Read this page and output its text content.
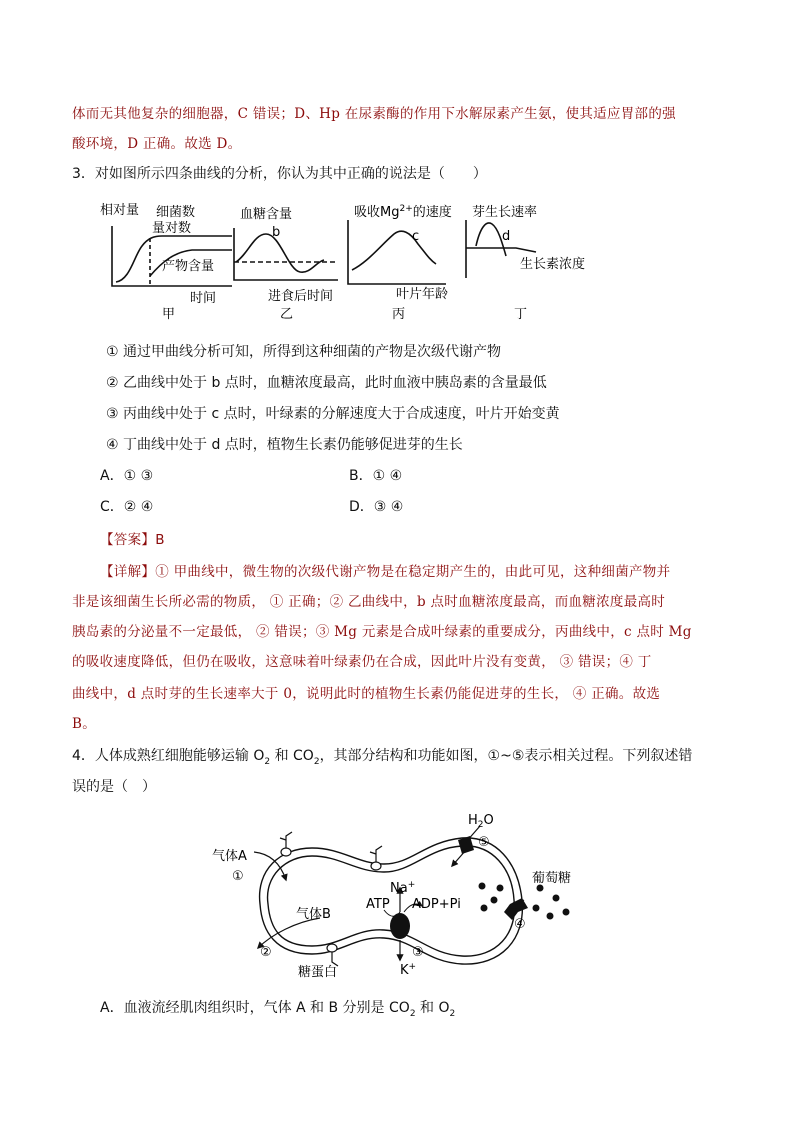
体而无其他复杂的细胞器，C 错误；D、Hp 在尿素酶的作用下水解尿素产生氨，使其适应胃部的强
酸环境，D 正确。故选 D。
3．对如图所示四条曲线的分析，你认为其中正确的说法是（　　）
相对量 细菌数
量对数
产物含量
时间
甲
血糖含量
b
进食后时间
乙
吸收$Mg^{2+}$的速度
c
叶片年龄
丙
芽生长速率
d
生长素浓度
丁
① 通过甲曲线分析可知，所得到这种细菌的产物是次级代谢产物
② 乙曲线中处于 b 点时，血糖浓度最高，此时血液中胰岛素的含量最低
③ 丙曲线中处于 c 点时，叶绿素的分解速度大于合成速度，叶片开始变黄
④ 丁曲线中处于 d 点时，植物生长素仍能够促进芽的生长
A．① ③	B．① ④
C．② ④	D．③ ④
【答案】B
【详解】① 甲曲线中，微生物的次级代谢产物是在稳定期产生的，由此可见，这种细菌产物并
非是该细菌生长所必需的物质， ① 正确；② 乙曲线中，b 点时血糖浓度最高，而血糖浓度最高时
胰岛素的分泌量不一定最低， ② 错误；③ Mg 元素是合成叶绿素的重要成分，丙曲线中，c 点时 Mg
的吸收速度降低，但仍在吸收，这意味着叶绿素仍在合成，因此叶片没有变黄， ③ 错误；④ 丁
曲线中，d 点时芽的生长速率大于 0，说明此时的植物生长素仍能促进芽的生长， ④ 正确。故选
B。
4．人体成熟红细胞能够运输 $O_2$ 和 $CO_2$，其部分结构和功能如图，①~⑤表示相关过程。下列叙述错
误的是（　）
气体A
①
气体B
②
糖蛋白
$H_2O$
⑤
葡萄糖
④
Na+
ATP ADP+Pi
③
K+
A．血液流经肌肉组织时，气体 A 和 B 分别是 $CO_2$ 和 $O_2$
